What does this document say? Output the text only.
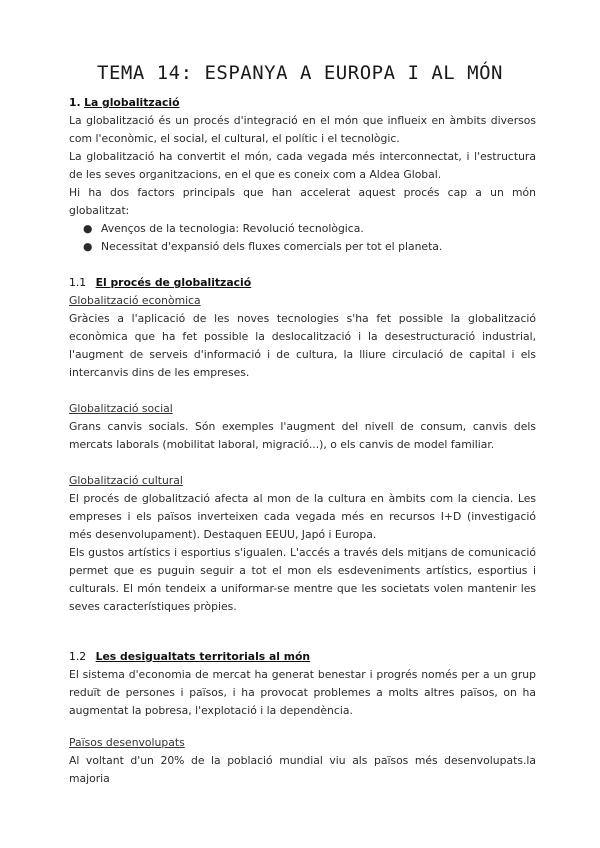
TEMA 14: ESPANYA A EUROPA I AL MÓN
1. La globalització

La globalització és un procés d'integració en el món que influeix en àmbits diversos com l'econòmic, el social, el cultural, el polític i el tecnològic.

La globalització ha convertit el món, cada vegada més interconnectat, i l'estructura de les seves organitzacions, en el que es coneix com a Aldea Global.

Hi ha dos factors principals que han accelerat aquest procés cap a un món globalitzat:

● Avenços de la tecnologia: Revolució tecnològica.
● Necessitat d'expansió dels fluxes comercials per tot el planeta.
1.1 El procés de globalització
Globalització econòmica

Gràcies a l'aplicació de les noves tecnologies s'ha fet possible la globalització econòmica que ha fet possible la deslocalització i la desestructuració industrial, l'augment de serveis d'informació i de cultura, la lliure circulació de capital i els intercanvis dins de les empreses.

Globalització social

Grans canvis socials. Són exemples l'augment del nivell de consum, canvis dels mercats laborals (mobilitat laboral, migració...), o els canvis de model familiar.

Globalització cultural

El procés de globalització afecta al mon de la cultura en àmbits com la ciencia. Les empreses i els països inverteixen cada vegada més en recursos I+D (investigació més desenvolupament). Destaquen EEUU, Japó i Europa.

Els gustos artístics i esportius s'igualen. L'accés a través dels mitjans de comunicació permet que es puguin seguir a tot el mon els esdeveniments artístics, esportius i culturals. El món tendeix a uniformar-se mentre que les societats volen mantenir les seves característiques pròpies.

1.2 Les desigualtats territorials al món

El sistema d'economia de mercat ha generat benestar i progrés només per a un grup reduït de persones i països, i ha provocat problemes a molts altres països, on ha augmentat la pobresa, l'explotació i la dependència.

Països desenvolupats

Al voltant d'un 20% de la població mundial viu als països més desenvolupats.la majoria
